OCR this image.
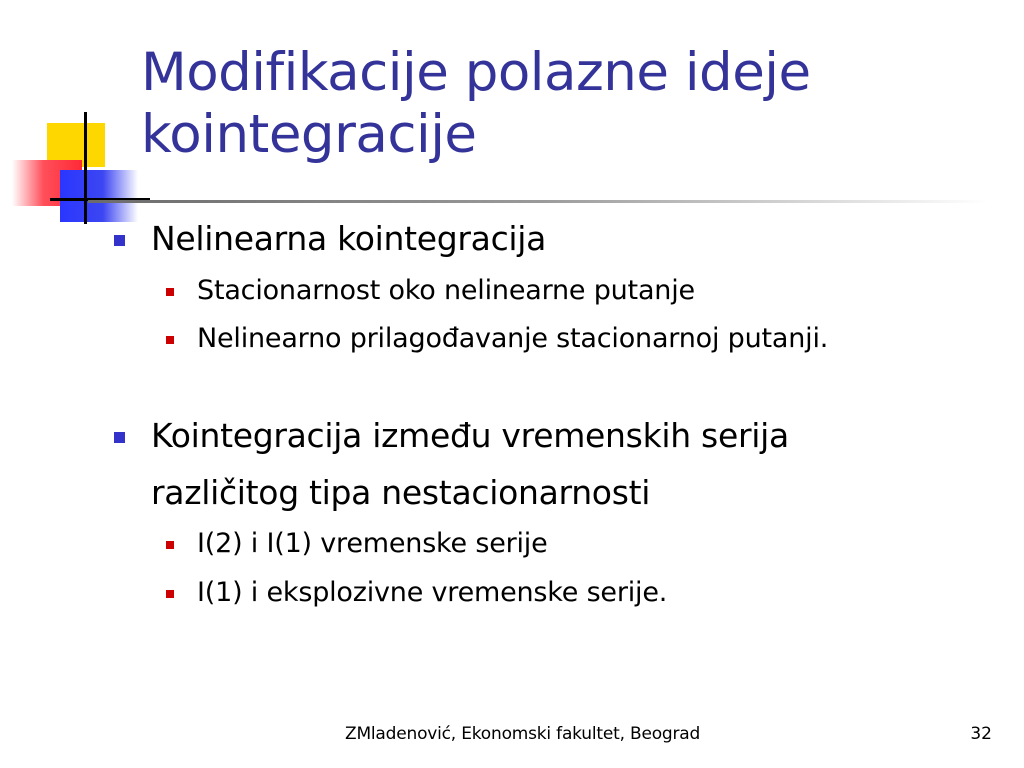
Modifikacije polazne ideje kointegracije
Nelinearna kointegracija
Stacionarnost oko nelinearne putanje
Nelinearno prilagođavanje stacionarnoj putanji.
Kointegracija između vremenskih serija
različitog tipa nestacionarnosti
I(2) i I(1) vremenske serije
I(1) i eksplozivne vremenske serije.
ZMladenović, Ekonomski fakultet, Beograd	32
